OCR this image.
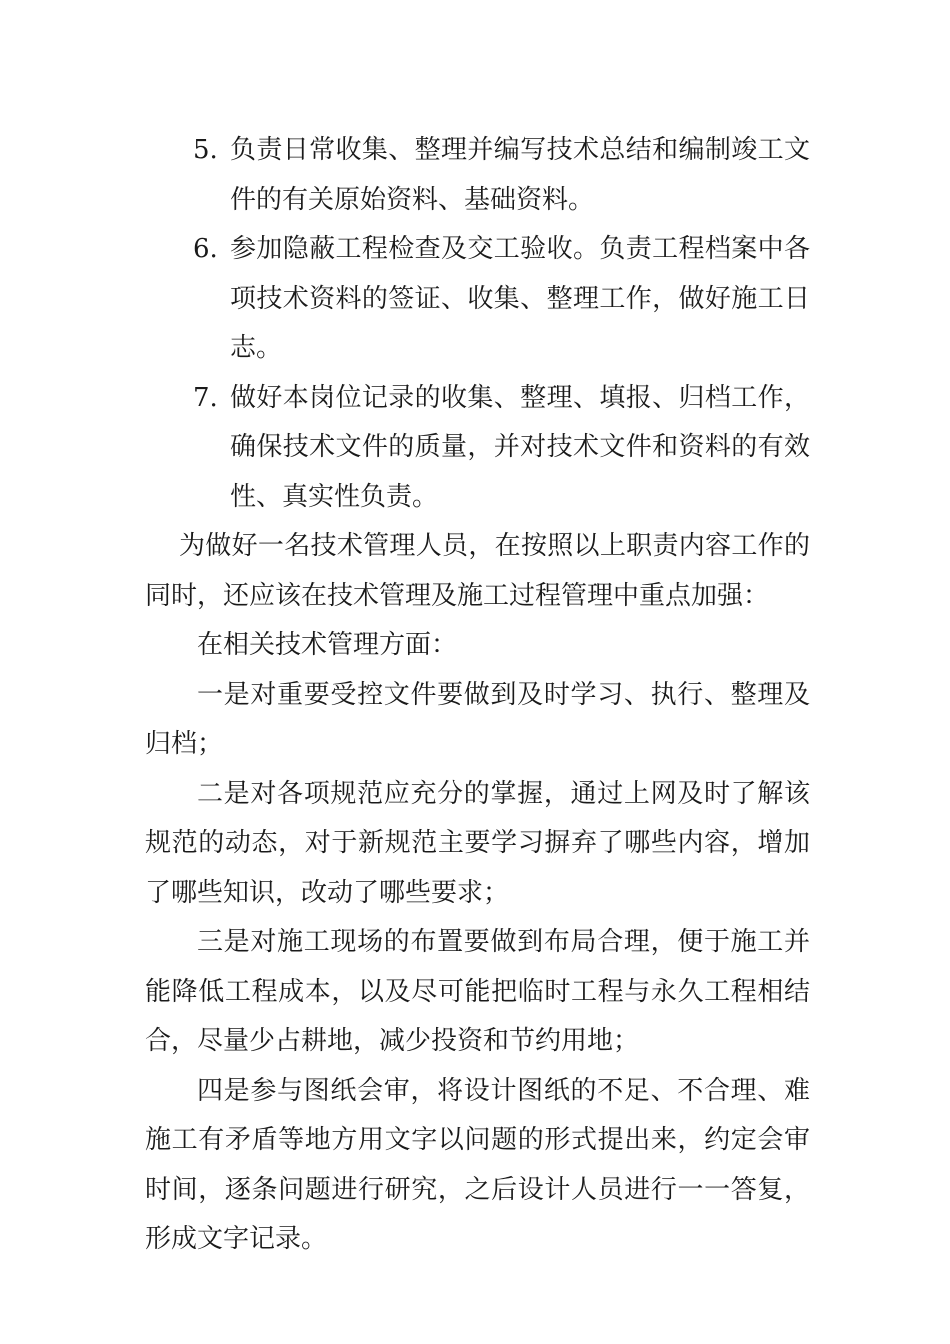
5. 负责日常收集、整理并编写技术总结和编制竣工文件的有关原始资料、基础资料。
6. 参加隐蔽工程检查及交工验收。负责工程档案中各项技术资料的签证、收集、整理工作，做好施工日志。
7. 做好本岗位记录的收集、整理、填报、归档工作，确保技术文件的质量，并对技术文件和资料的有效性、真实性负责。

为做好一名技术管理人员，在按照以上职责内容工作的同时，还应该在技术管理及施工过程管理中重点加强：

在相关技术管理方面：

一是对重要受控文件要做到及时学习、执行、整理及归档；

二是对各项规范应充分的掌握，通过上网及时了解该规范的动态，对于新规范主要学习摒弃了哪些内容，增加了哪些知识，改动了哪些要求；

三是对施工现场的布置要做到布局合理，便于施工并能降低工程成本，以及尽可能把临时工程与永久工程相结合，尽量少占耕地，减少投资和节约用地；

四是参与图纸会审，将设计图纸的不足、不合理、难施工有矛盾等地方用文字以问题的形式提出来，约定会审时间，逐条问题进行研究，之后设计人员进行一一答复，形成文字记录。
